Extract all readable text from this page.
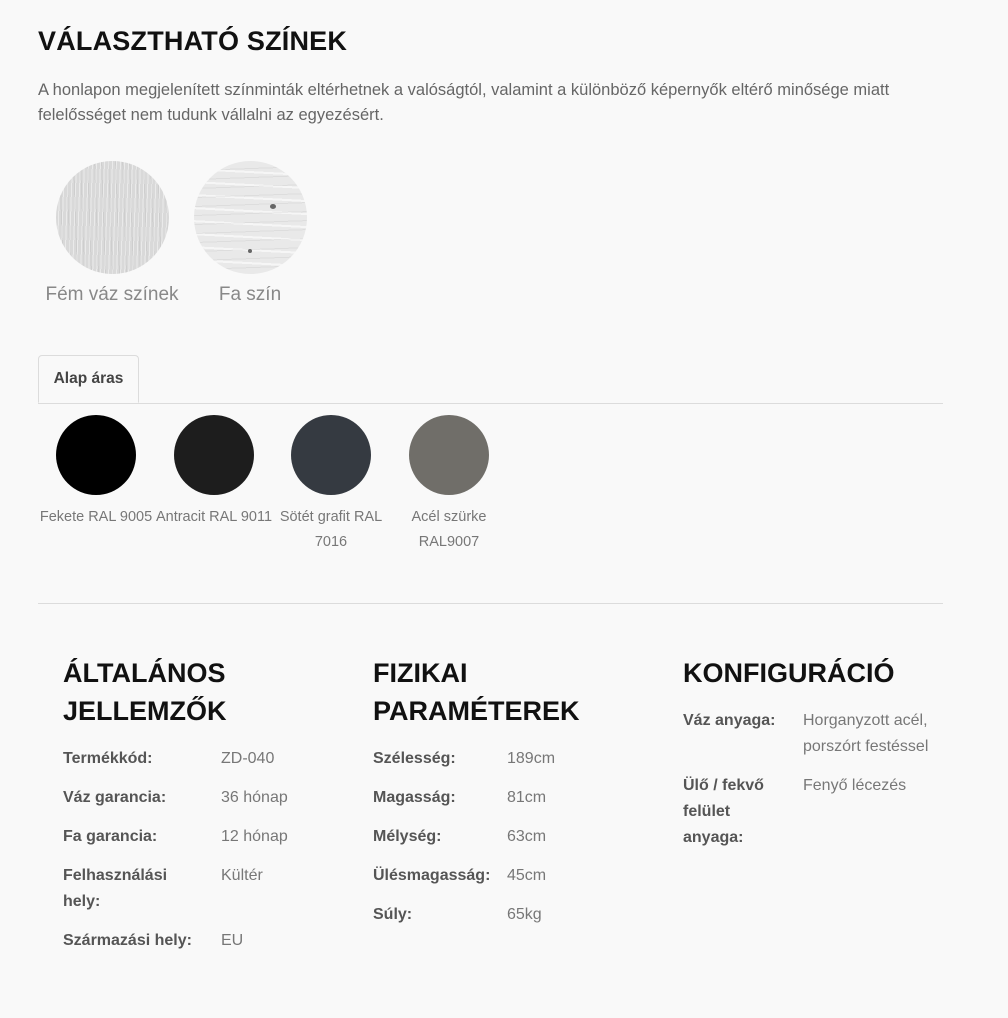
VÁLASZTHATÓ SZÍNEK
A honlapon megjelenített színminták eltérhetnek a valóságtól, valamint a különböző képernyők eltérő minősége miatt felelősséget nem tudunk vállalni az egyezésért.
Fém váz színek	Fa szín
Alap áras
Fekete RAL 9005 Antracit RAL 9011 Sötét grafit RAL 7016
Acél szürke RAL9007
ÁLTALÁNOS JELLEMZŐK
Termékkód:	ZD-040
Váz garancia:	36 hónap
Fa garancia:	12 hónap
Felhasználási hely:	Kültér
Származási hely:	EU
FIZIKAI PARAMÉTEREK
Szélesség:	189cm
Magasság:	81cm
Mélység:	63cm
Ülésmagasság:	45cm
Súly:	65kg
KONFIGURÁCIÓ
Váz anyaga:	Horganyzott acél, porszórt festéssel
Ülő / fekvő felület anyaga:	Fenyő lécezés
